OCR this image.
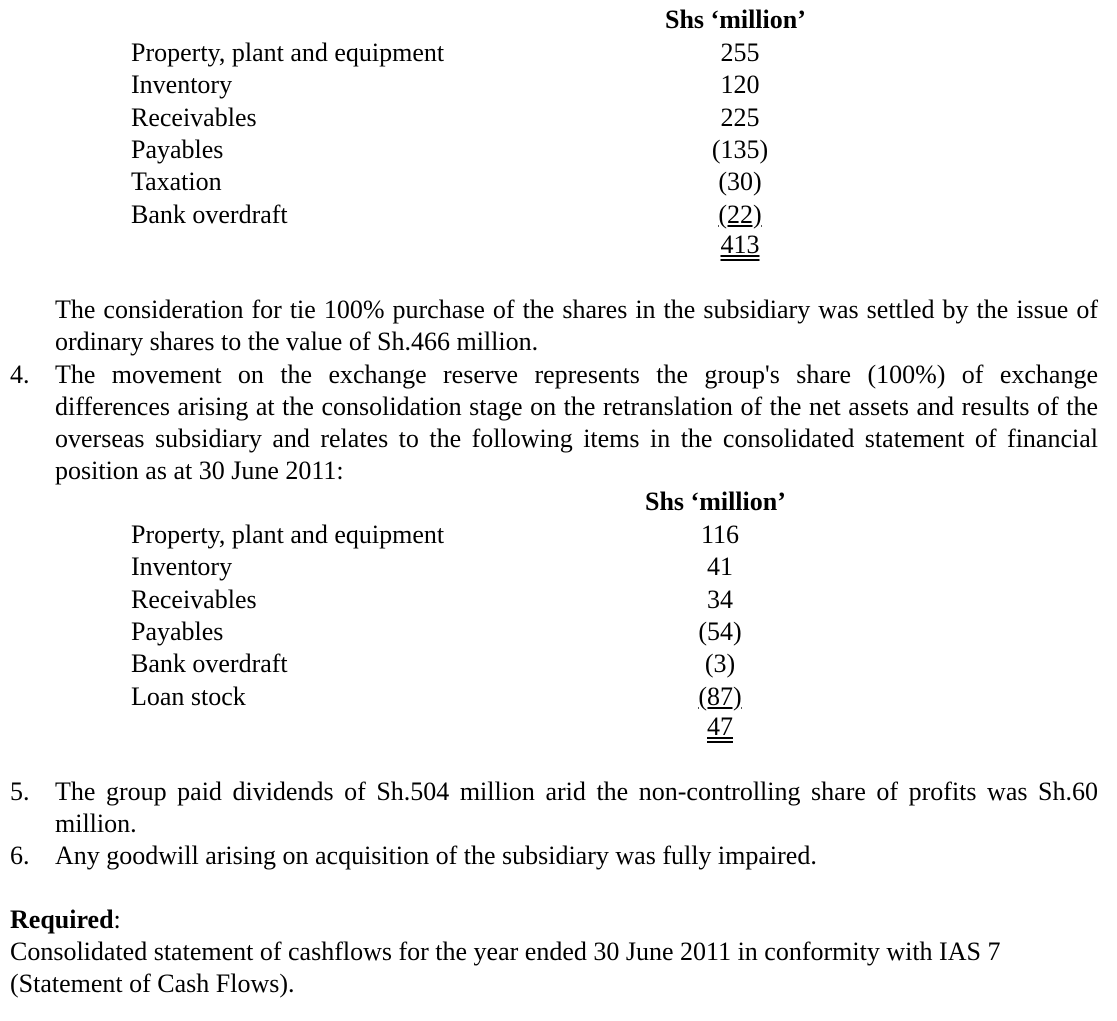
Shs ‘million’
Property, plant and equipment	255
Inventory	120
Receivables	225
Payables	(135)
Taxation	(30)
Bank overdraft	(22)
413
The consideration for tie 100% purchase of the shares in the subsidiary was settled by the issue of ordinary shares to the value of Sh.466 million.
4. The movement on the exchange reserve represents the group's share (100%) of exchange differences arising at the consolidation stage on the retranslation of the net assets and results of the overseas subsidiary and relates to the following items in the consolidated statement of financial position as at 30 June 2011:
Shs ‘million’
Property, plant and equipment	116
Inventory	41
Receivables	34
Payables	(54)
Bank overdraft	(3)
Loan stock	(87)
47
5. The group paid dividends of Sh.504 million arid the non-controlling share of profits was Sh.60 million.
6. Any goodwill arising on acquisition of the subsidiary was fully impaired.
Required:
Consolidated statement of cashflows for the year ended 30 June 2011 in conformity with IAS 7 (Statement of Cash Flows).
